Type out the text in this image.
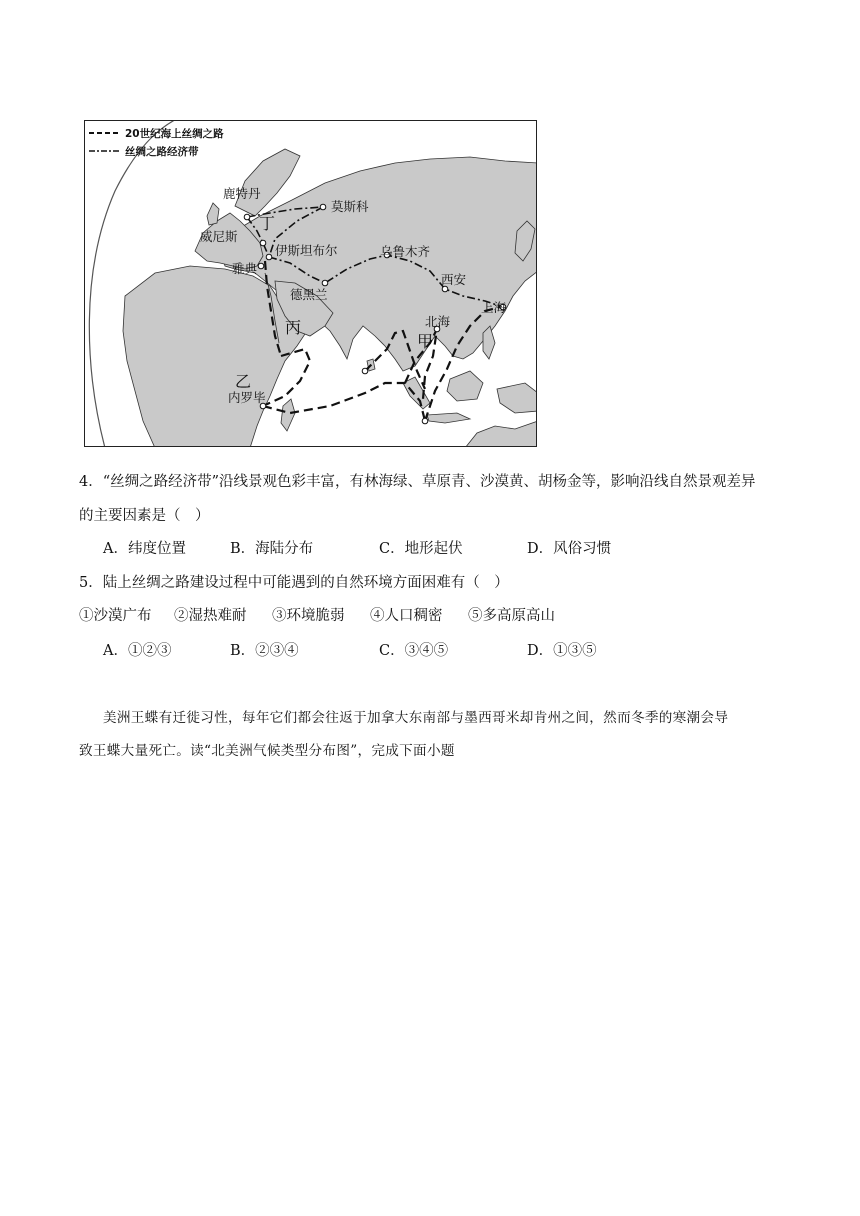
20世纪海上丝绸之路
丝绸之路经济带
鹿特丹
莫斯科
威尼斯
伊斯坦布尔
雅典
乌鲁木齐
西安
上海
德黑兰
北海
内罗毕
丁
丙
甲
乙
4．“丝绸之路经济带”沿线景观色彩丰富，有林海绿、草原青、沙漠黄、胡杨金等，影响沿线自然景观差异
的主要因素是（　）
A．纬度位置	B．海陆分布	C．地形起伏	D．风俗习惯
5．陆上丝绸之路建设过程中可能遇到的自然环境方面困难有（　）
①沙漠广布 ②湿热难耐 ③环境脆弱 ④人口稠密 ⑤多高原高山
A．①②③	B．②③④	C．③④⑤	D．①③⑤
美洲王蝶有迁徙习性，每年它们都会往返于加拿大东南部与墨西哥米却肯州之间，然而冬季的寒潮会导
致王蝶大量死亡。读“北美洲气候类型分布图”，完成下面小题
